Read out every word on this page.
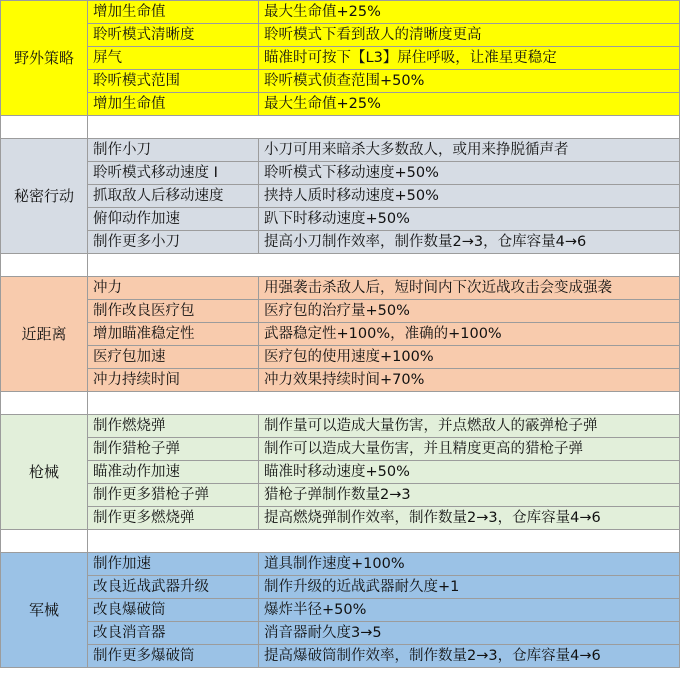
野外策略	增加生命值	最大生命值+25%
	聆听模式清晰度	聆听模式下看到敌人的清晰度更高
	屏气	瞄准时可按下【L3】屏住呼吸，让准星更稳定
	聆听模式范围	聆听模式侦查范围+50%
	增加生命值	最大生命值+25%

秘密行动	制作小刀	小刀可用来暗杀大多数敌人，或用来挣脱循声者
	聆听模式移动速度 I	聆听模式下移动速度+50%
	抓取敌人后移动速度	挟持人质时移动速度+50%
	俯仰动作加速	趴下时移动速度+50%
	制作更多小刀	提高小刀制作效率，制作数量2→3，仓库容量4→6

近距离	冲力	用强袭击杀敌人后，短时间内下次近战攻击会变成强袭
	制作改良医疗包	医疗包的治疗量+50%
	增加瞄准稳定性	武器稳定性+100%，准确的+100%
	医疗包加速	医疗包的使用速度+100%
	冲力持续时间	冲力效果持续时间+70%

枪械	制作燃烧弹	制作量可以造成大量伤害，并点燃敌人的霰弹枪子弹
	制作猎枪子弹	制作可以造成大量伤害，并且精度更高的猎枪子弹
	瞄准动作加速	瞄准时移动速度+50%
	制作更多猎枪子弹	猎枪子弹制作数量2→3
	制作更多燃烧弹	提高燃烧弹制作效率，制作数量2→3，仓库容量4→6

军械	制作加速	道具制作速度+100%
	改良近战武器升级	制作升级的近战武器耐久度+1
	改良爆破筒	爆炸半径+50%
	改良消音器	消音器耐久度3→5
	制作更多爆破筒	提高爆破筒制作效率，制作数量2→3，仓库容量4→6
